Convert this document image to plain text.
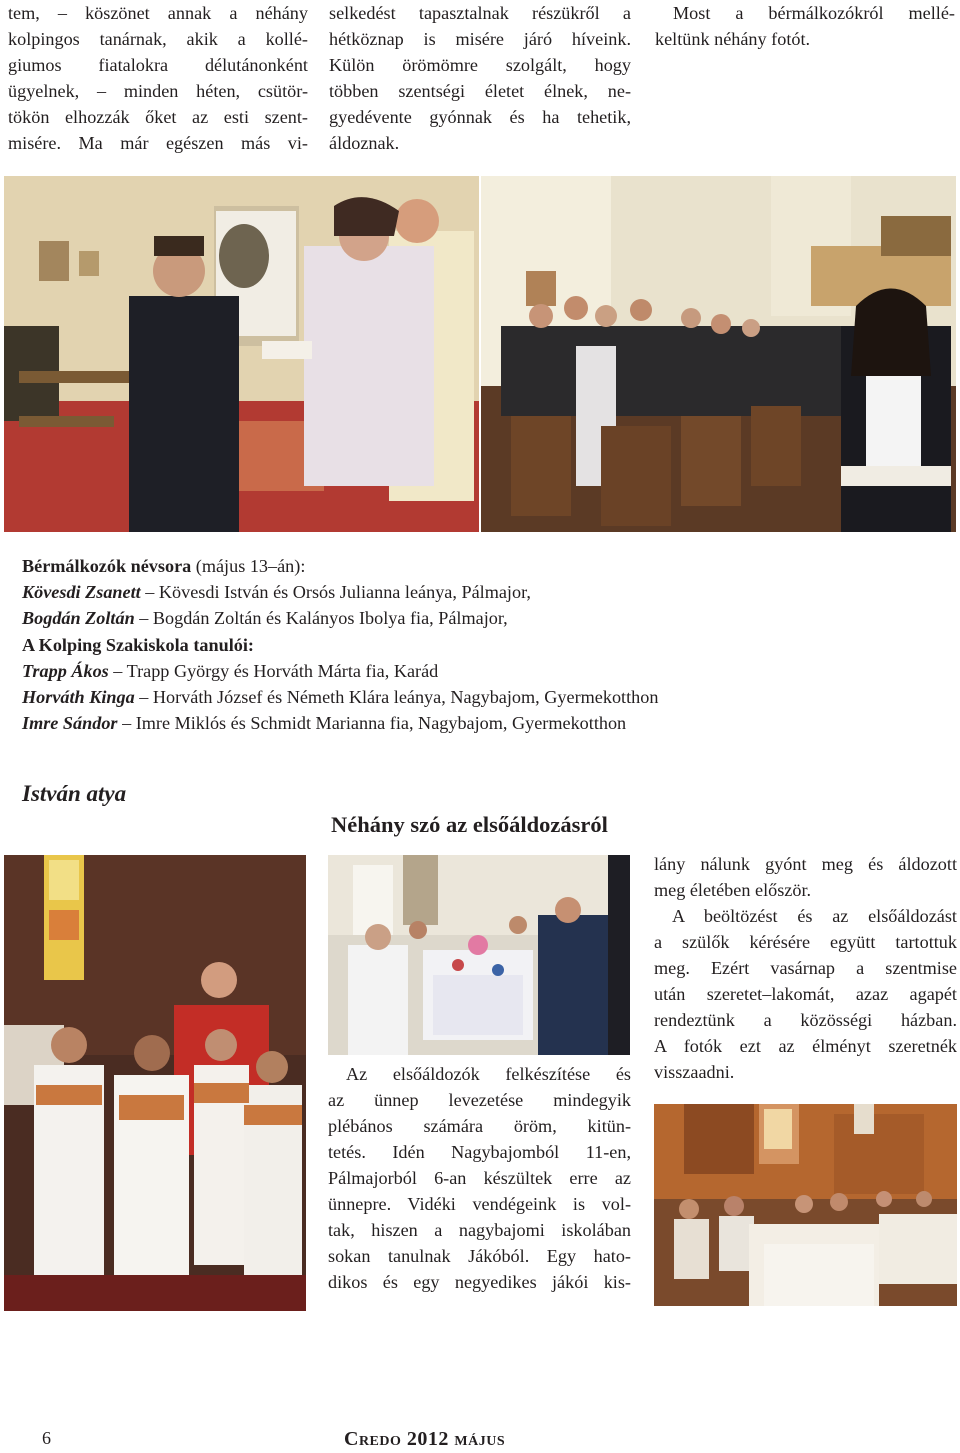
tem, – köszönet annak a néhány
kolpingos tanárnak, akik a kollé-
giumos fiatalokra délutánonként
ügyelnek, – minden héten, csütör-
tökön elhozzák őket az esti szent-
misére. Ma már egészen más vi-
selkedést tapasztalnak részükről a
hétköznap is misére járó híveink.
Külön örömömre szolgált, hogy
többen szentségi életet élnek, ne-
gyedévente gyónnak és ha tehetik,
áldoznak.
Most a bérmálkozókról mellé-
keltünk néhány fotót.
Bérmálkozók névsora (május 13–án):
Kövesdi Zsanett – Kövesdi István és Orsós Julianna leánya, Pálmajor,
Bogdán Zoltán – Bogdán Zoltán és Kalányos Ibolya fia, Pálmajor,
A Kolping Szakiskola tanulói:
Trapp Ákos – Trapp György és Horváth Márta fia, Karád
Horváth Kinga – Horváth József és Németh Klára leánya, Nagybajom, Gyermekotthon
Imre Sándor – Imre Miklós és Schmidt Marianna fia, Nagybajom, Gyermekotthon
István atya
Néhány szó az elsőáldozásról
Az elsőáldozók felkészítése és
az ünnep levezetése mindegyik
plébános számára öröm, kitün-
tetés. Idén Nagybajomból 11-en,
Pálmajorból 6-an készültek erre az
ünnepre. Vidéki vendégeink is vol-
tak, hiszen a nagybajomi iskolában
sokan tanulnak Jákóból. Egy hato-
dikos és egy negyedikes jákói kis-
lány nálunk gyónt meg és áldozott
meg életében először.
A beöltözést és az elsőáldozást
a szülők kérésére együtt tartottuk
meg. Ezért vasárnap a szentmise
után szeretet–lakomát, azaz agapét
rendeztünk a közösségi házban.
A fotók ezt az élményt szeretnék
visszaadni.
6	Credo 2012 május
